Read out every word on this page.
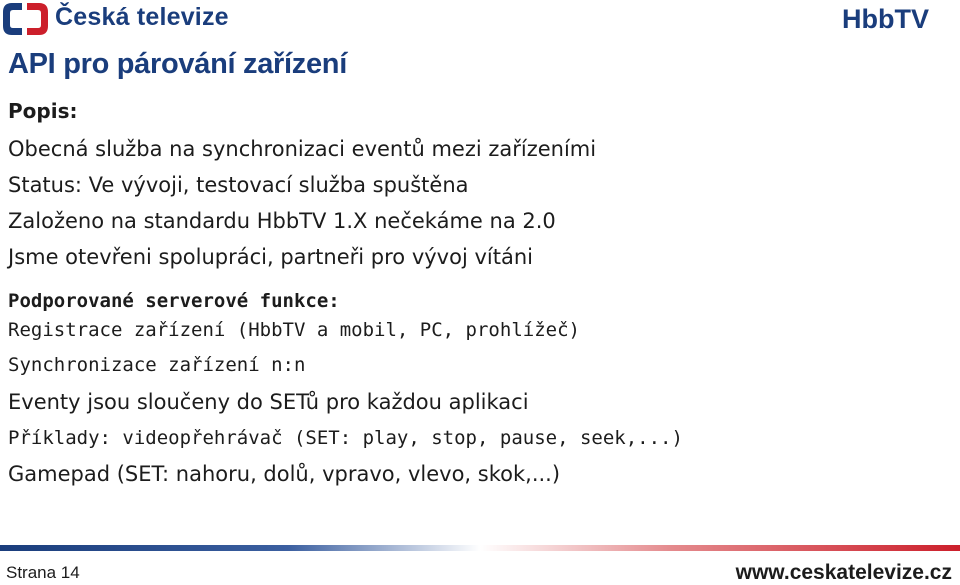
Česká televize	HbbTV
API pro párování zařízení
Popis:
Obecná služba na synchronizaci eventů mezi zařízeními
Status: Ve vývoji, testovací služba spuštěna
Založeno na standardu HbbTV 1.X nečekáme na 2.0
Jsme otevřeni spolupráci, partneři pro vývoj vítáni
Podporované serverové funkce:
Registrace zařízení (HbbTV a mobil, PC, prohlížeč)
Synchronizace zařízení n:n
Eventy jsou sloučeny do SETů pro každou aplikaci
Příklady: videopřehrávač (SET: play, stop, pause, seek,...)
Gamepad (SET: nahoru, dolů, vpravo, vlevo, skok,...)
Strana 14	www.ceskatelevize.cz
